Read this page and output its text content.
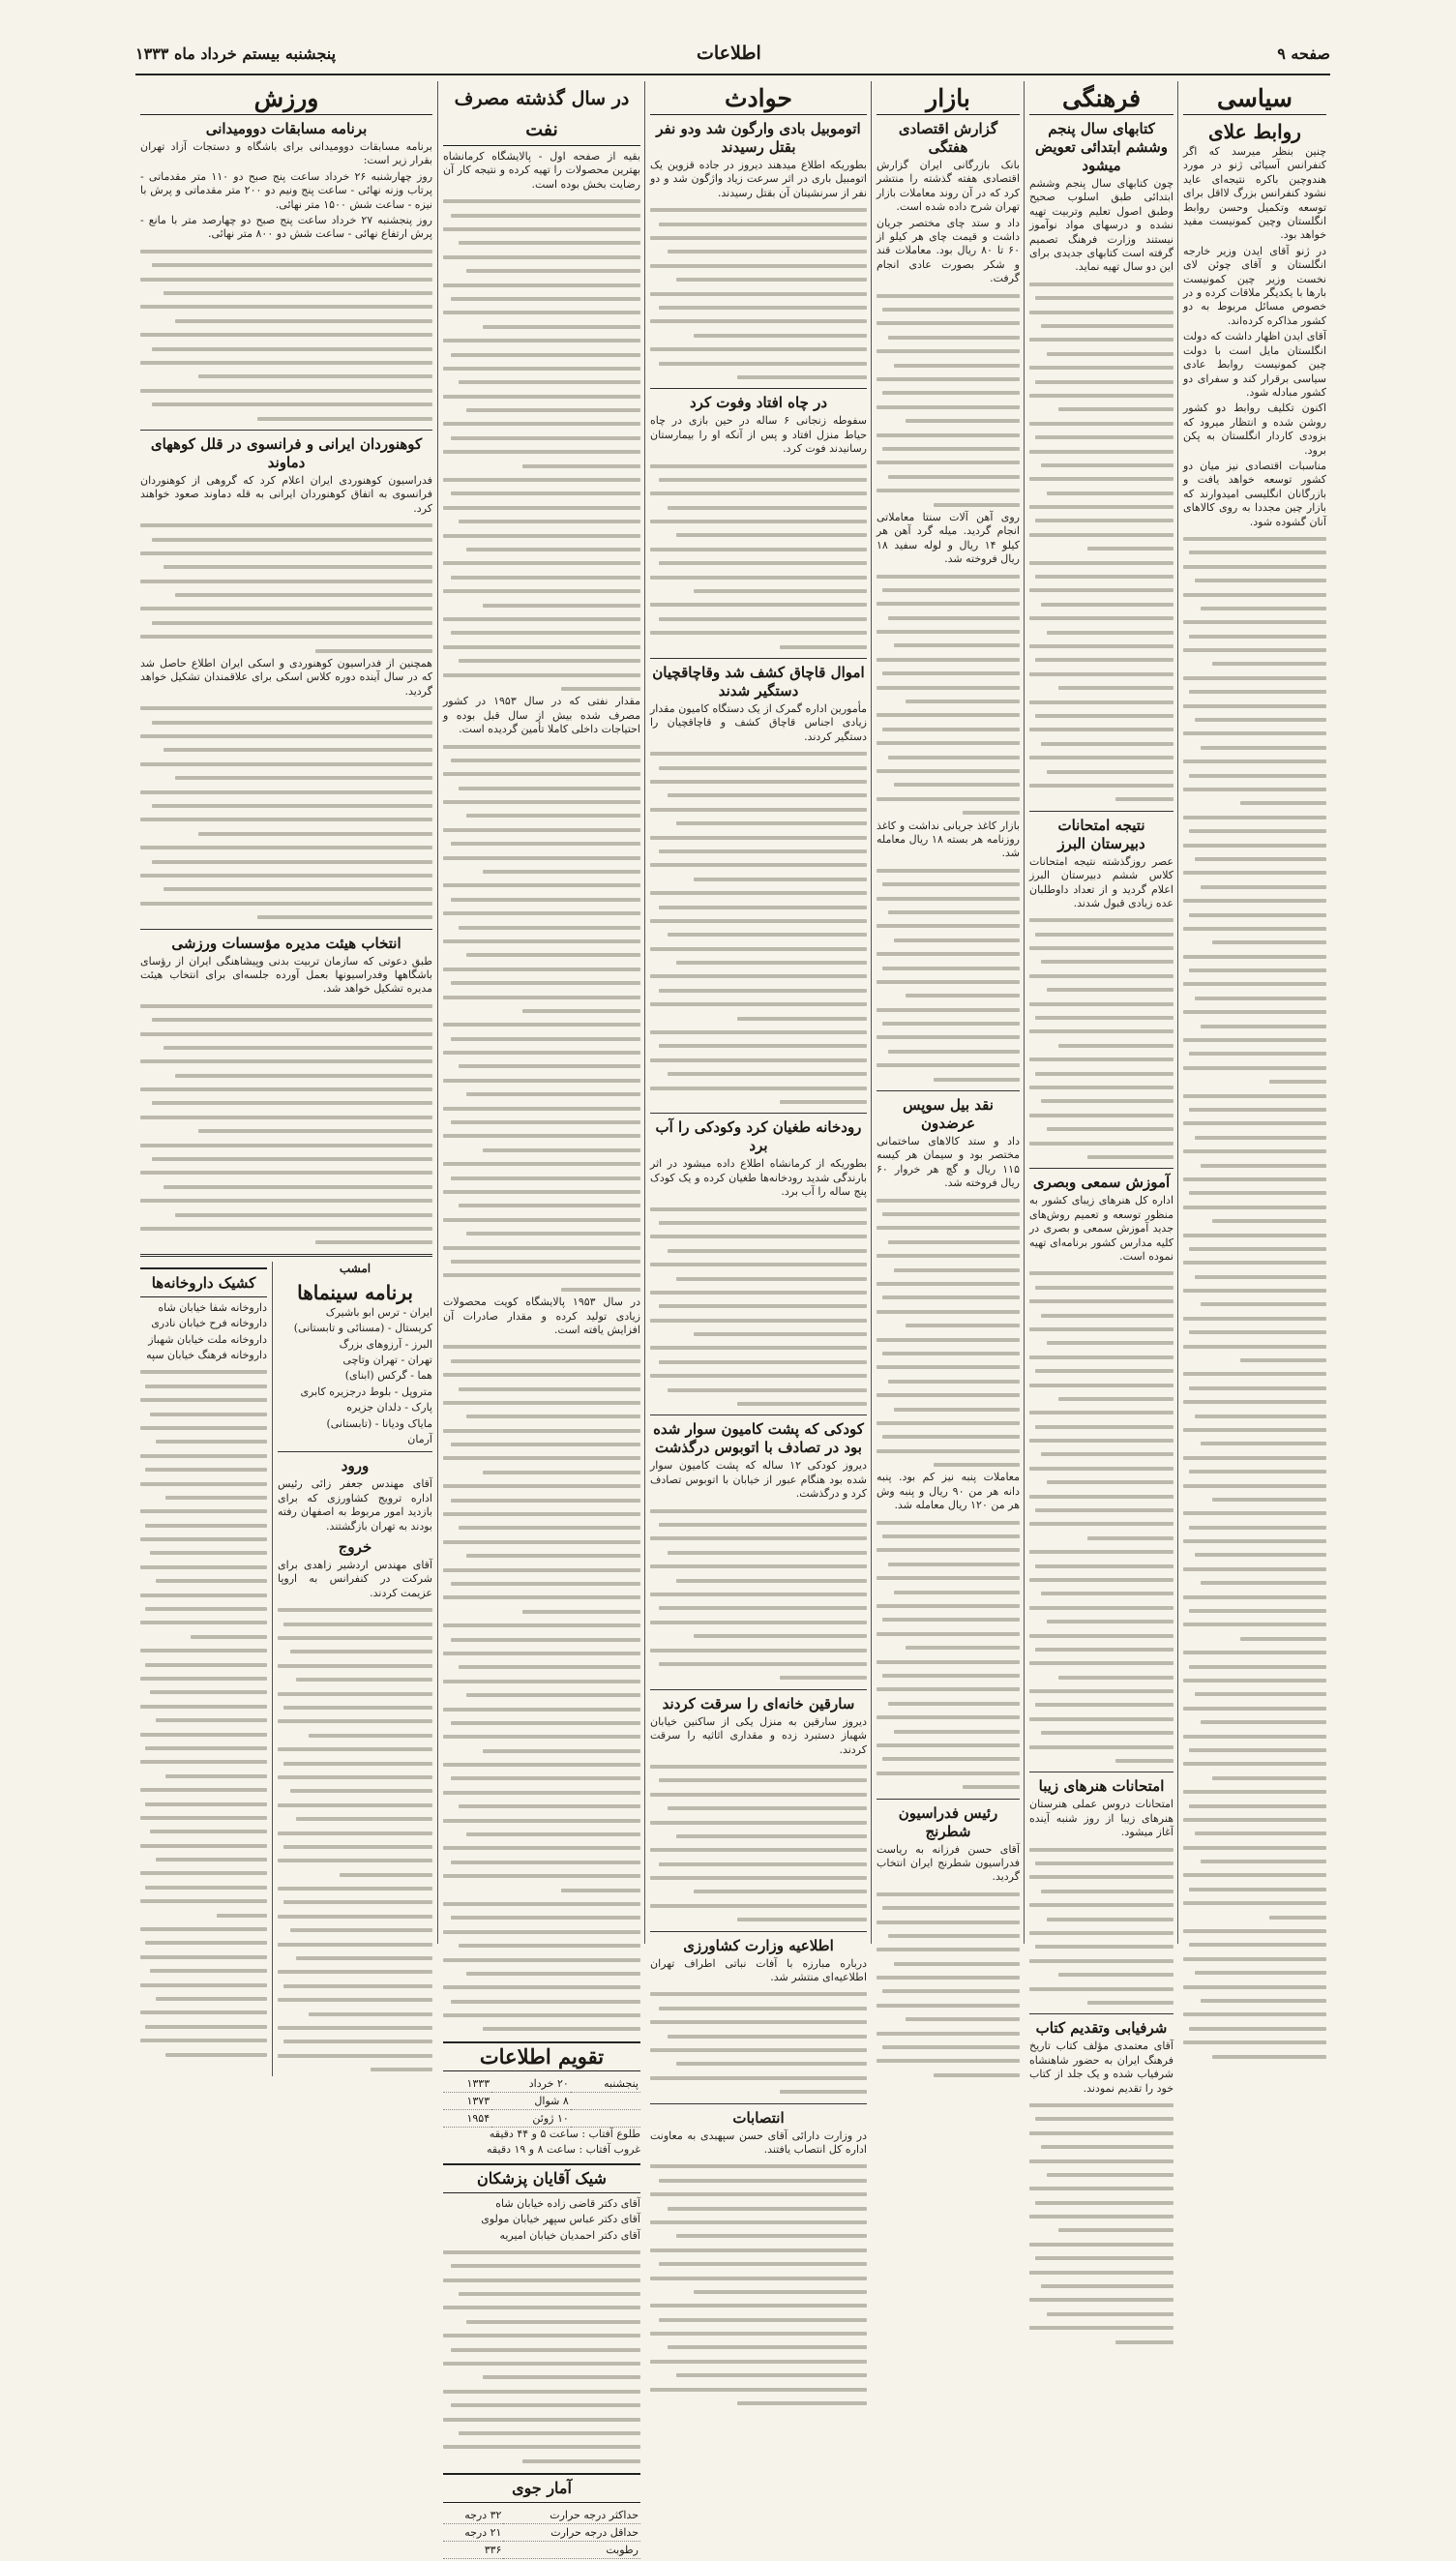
صفحه ۹
اطلاعات
پنجشنبه بیستم خرداد ماه ۱۳۳۳
سیاسی
روابط علاى

چنین بنظر میرسد که اگر کنفرانس آسیائی ژنو در مورد هندوچین باکره نتیجه‌ای عاید نشود کنفرانس بزرگ لااقل برای توسعه وتکمیل وحسن روابط انگلستان وچین کمونیست مفید خواهد بود.

در ژنو آقای ایدن وزیر خارجه انگلستان و آقای چوئن لای نخست وزیر چین کمونیست بارها با یکدیگر ملاقات کرده و در خصوص مسائل مربوط به دو کشور مذاکره کرده‌اند.

آقای ایدن اظهار داشت که دولت انگلستان مایل است با دولت چین کمونیست روابط عادی سیاسی برقرار کند و سفرای دو کشور مبادله شود.

اکنون تکلیف روابط دو کشور روشن شده و انتظار میرود که بزودی کاردار انگلستان به پکن برود.

مناسبات اقتصادی نیز میان دو کشور توسعه خواهد یافت و بازرگانان انگلیسی امیدوارند که بازار چین مجددا به روی کالاهای آنان گشوده شود.

فرهنگی
کتابهای سال پنجم وششم ابتدائی تعویض میشود

چون کتابهای سال پنجم وششم ابتدائی طبق اسلوب صحیح وطبق اصول تعلیم وتربیت تهیه نشده و درسهای مواد نوآموز نیستند وزارت فرهنگ تصمیم گرفته است کتابهای جدیدی برای این دو سال تهیه نماید.

نتیجه امتحانات دبیرستان البرز

عصر روزگذشته نتیجه امتحانات کلاس ششم دبیرستان البرز اعلام گردید و از تعداد داوطلبان عده زیادی قبول شدند.

آموزش سمعی وبصری

اداره کل هنرهای زیبای کشور به منظور توسعه و تعمیم روش‌های جدید آموزش سمعی و بصری در کلیه مدارس کشور برنامه‌ای تهیه نموده است.

امتحانات هنرهای زیبا

امتحانات دروس عملی هنرستان هنرهای زیبا از روز شنبه آینده آغاز میشود.

شرفیابی وتقدیم کتاب

آقای معتمدی مؤلف کتاب تاریخ فرهنگ ایران به حضور شاهنشاه شرفیاب شده و یک جلد از کتاب خود را تقدیم نمودند.

بازار
گزارش اقتصادی هفتگی

بانک بازرگانی ایران گزارش اقتصادی هفته گذشته را منتشر کرد که در آن روند معاملات بازار تهران شرح داده شده است.

داد و ستد چای مختصر جریان داشت و قیمت چای هر کیلو از ۶۰ تا ۸۰ ریال بود. معاملات قند و شکر بصورت عادی انجام گرفت.

روی آهن آلات سنتا معاملاتی انجام گردید. میله گرد آهن هر کیلو ۱۴ ریال و لوله سفید ۱۸ ریال فروخته شد.

بازار کاغذ جریانی نداشت و کاغذ روزنامه هر بسته ۱۸ ریال معامله شد.

نقد بیل سوپس عرضدون

داد و ستد کالاهای ساختمانی مختصر بود و سیمان هر کیسه ۱۱۵ ریال و گچ هر خروار ۶۰ ریال فروخته شد.

معاملات پنبه نیز کم بود. پنبه دانه هر من ۹۰ ریال و پنبه وش هر من ۱۲۰ ریال معامله شد.

رئیس فدراسیون شطرنج

آقای حسن فرزانه به ریاست فدراسیون شطرنج ایران انتخاب گردید.

حوادث
اتوموبیل بادی وارگون شد ودو نفر بقتل رسیدند

بطوریکه اطلاع میدهند دیروز در جاده قزوین یک اتومبیل باری در اثر سرعت زیاد واژگون شد و دو نفر از سرنشینان آن بقتل رسیدند.

در چاه افتاد وفوت کرد

سفوطه زنجانی ۶ ساله در حین بازی در چاه حیاط منزل افتاد و پس از آنکه او را بیمارستان رسانیدند فوت کرد.

اموال قاچاق کشف شد وقاچاقچیان دستگیر شدند

مأمورین اداره گمرک از یک دستگاه کامیون مقدار زیادی اجناس قاچاق کشف و قاچاقچیان را دستگیر کردند.

رودخانه طغیان کرد وکودکی را آب برد

بطوریکه از کرمانشاه اطلاع داده میشود در اثر بارندگی شدید رودخانه‌ها طغیان کرده و یک کودک پنج ساله را آب برد.

کودکی که پشت کامیون سوار شده بود در تصادف با اتوبوس درگذشت

دیروز کودکی ۱۲ ساله که پشت کامیون سوار شده بود هنگام عبور از خیابان با اتوبوس تصادف کرد و درگذشت.

سارقین خانه‌ای را سرقت کردند

دیروز سارقین به منزل یکی از ساکنین خیابان شهباز دستبرد زده و مقداری اثاثیه را سرقت کردند.

اطلاعیه وزارت کشاورزی

درباره مبارزه با آفات نباتی اطراف تهران اطلاعیه‌ای منتشر شد.

انتصابات

در وزارت دارائی آقای حسن سپهبدی به معاونت اداره کل انتصاب یافتند.

در سال گذشته مصرف نفت

بقیه از صفحه اول - پالایشگاه کرمانشاه بهترین محصولات را تهیه کرده و نتیجه کار آن رضایت بخش بوده است.

مقدار نفتی که در سال ۱۹۵۳ در کشور مصرف شده بیش از سال قبل بوده و احتیاجات داخلی کاملا تأمین گردیده است.

در سال ۱۹۵۳ پالایشگاه کویت محصولات زیادی تولید کرده و مقدار صادرات آن افزایش یافته است.

تقویم اطلاعات
پنجشنبه	۲۰ خرداد	۱۳۳۳
	۸ شوال	۱۳۷۳
	۱۰ ژوئن	۱۹۵۴

طلوع آفتاب : ساعت ۵ و ۴۴ دقیقه

غروب آفتاب : ساعت ۸ و ۱۹ دقیقه

شیک آقایان پزشکان

آقای دکتر قاضی زاده خیابان شاه

آقای دکتر عباس سپهر خیابان مولوی

آقای دکتر احمدیان خیابان امیریه

آمار جوی
حداکثر درجه حرارت	۳۲ درجه
حداقل درجه حرارت	۲۱ درجه
رطوبت	۳۳۶
ورزش
برنامه مسابقات دوومیدانی

برنامه مسابقات دوومیدانی برای باشگاه و دستجات آزاد تهران بقرار زیر است:

روز چهارشنبه ۲۶ خرداد ساعت پنج صبح دو ۱۱۰ متر مقدماتی - پرتاب وزنه نهائی - ساعت پنج ونیم دو ۲۰۰ متر مقدماتی و پرش با نیزه - ساعت شش ۱۵۰۰ متر نهائی.

روز پنجشنبه ۲۷ خرداد ساعت پنج صبح دو چهارصد متر با مانع - پرش ارتفاع نهائی - ساعت شش دو ۸۰۰ متر نهائی.

کوهنوردان ایرانی و فرانسوی در قلل کوههای دماوند

فدراسیون کوهنوردی ایران اعلام کرد که گروهی از کوهنوردان فرانسوی به اتفاق کوهنوردان ایرانی به قله دماوند صعود خواهند کرد.

همچنین از فدراسیون کوهنوردی و اسکی ایران اطلاع حاصل شد که در سال آینده دوره کلاس اسکی برای علاقمندان تشکیل خواهد گردید.

انتخاب هیئت مدیره مؤسسات ورزشی

طبق دعوتی که سازمان تربیت بدنی وپیشاهنگی ایران از رؤسای باشگاهها وفدراسیونها بعمل آورده جلسه‌ای برای انتخاب هیئت مدیره تشکیل خواهد شد.

امشب
برنامه سینماها

ایران - ترس ابو باشیرک

کریستال - (مسنائی و تابستانی)

البرز - آرزوهای بزرگ

تهران - تهران وتاچی

هما - گرکس (ابنای)

متروپل - بلوط درجزیره کابری

پارک - دلدان جزیره

مایاک ودیانا - (تابستانی)

آرمان

ورود

آقای مهندس جعفر زائی رئیس اداره ترویج کشاورزی که برای بازدید امور مربوط به اصفهان رفته بودند به تهران بازگشتند.

خروج

آقای مهندس اردشیر زاهدی برای شرکت در کنفرانس به اروپا عزیمت کردند.

کشیک داروخانه‌ها

داروخانه شفا خیابان شاه

داروخانه فرح خیابان نادری

داروخانه ملت خیابان شهباز

داروخانه فرهنگ خیابان سپه
